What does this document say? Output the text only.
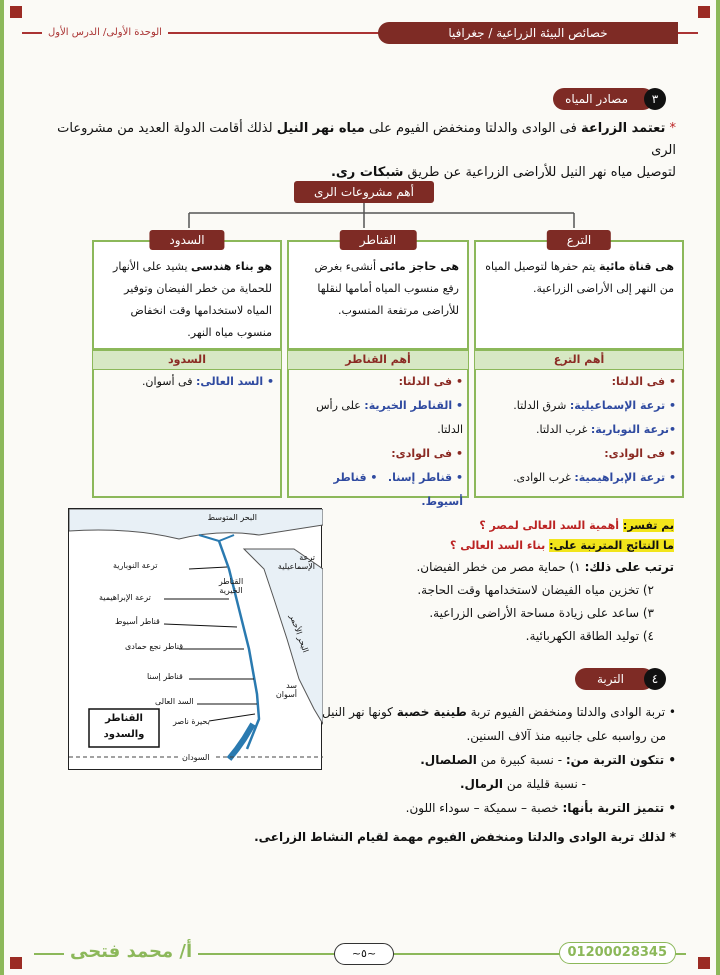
خصائص البيئة الزراعية / جغرافيا
الوحدة الأولى/ الدرس الأول
مصادر المياه	٣
* تعتمد الزراعة فى الوادى والدلتا ومنخفض الفيوم على مياه نهر النيل لذلك أقامت الدولة العديد من مشروعات الرى
لتوصيل مياه نهر النيل للأراضى الزراعية عن طريق شبكات رى.
أهم مشروعات الرى
الترع
هى قناة مائية يتم حفرها لتوصيل المياه من النهر إلى الأراضى الزراعية.
القناطر
هى حاجز مائى أنشىء بغرض رفع منسوب المياه أمامها لنقلها للأراضى مرتفعة المنسوب.
السدود
هو بناء هندسى يشيد على الأنهار للحماية من خطر الفيضان وتوفير المياه لاستخدامها وقت انخفاض منسوب مياه النهر.
أهم الترع
أهم القناطر
السدود
• فى الدلتا:
• ترعة الإسماعيلية: شرق الدلتا.
•ترعة النوبارية: غرب الدلتا.
• فى الوادى:
• ترعة الإبراهيمية: غرب الوادى.
• فى الدلتا:
• القناطر الخيرية: على رأس الدلتا.
• فى الوادى:
• قناطر إسنا.   • قناطر أسيوط.
• السد العالى: فى أسوان.
بم تفسر: أهمية السد العالى لمصر ؟
ما النتائج المترتبة على: بناء السد العالى ؟
ترتب على ذلك: ١) حماية مصر من خطر الفيضان.
٢) تخزين مياه الفيضان لاستخدامها وقت الحاجة.
٣) ساعد على زيادة مساحة الأراضى الزراعية.
٤) توليد الطاقة الكهربائية.
البحر المتوسط
ترعة النوبارية
ترعة الإسماعيلية
ترعة الإبراهيمية
القناطر الخيرية
قناطر أسيوط
قناطر نجع حمادى
قناطر إسنا
السد العالى
سد أسوان
بحيرة ناصر
البحر الأحمر
السودان
القناطر
والسدود
التربة	٤
• تربة الوادى والدلتا ومنخفض الفيوم تربة طينية خصبة كونها نهر النيل
من رواسبه على جانبيه منذ آلاف السنين.
• تتكون التربة من: - نسبة كبيرة من الصلصال.
- نسبة قليلة من الرمال.
• تتميز التربة بأنها: خصبة – سميكة – سوداء اللون.
* لذلك تربة الوادى والدلتا ومنخفض الفيوم مهمة لقيام النشاط الزراعى.
أ/ محمد فتحى	~٥~	01200028345
